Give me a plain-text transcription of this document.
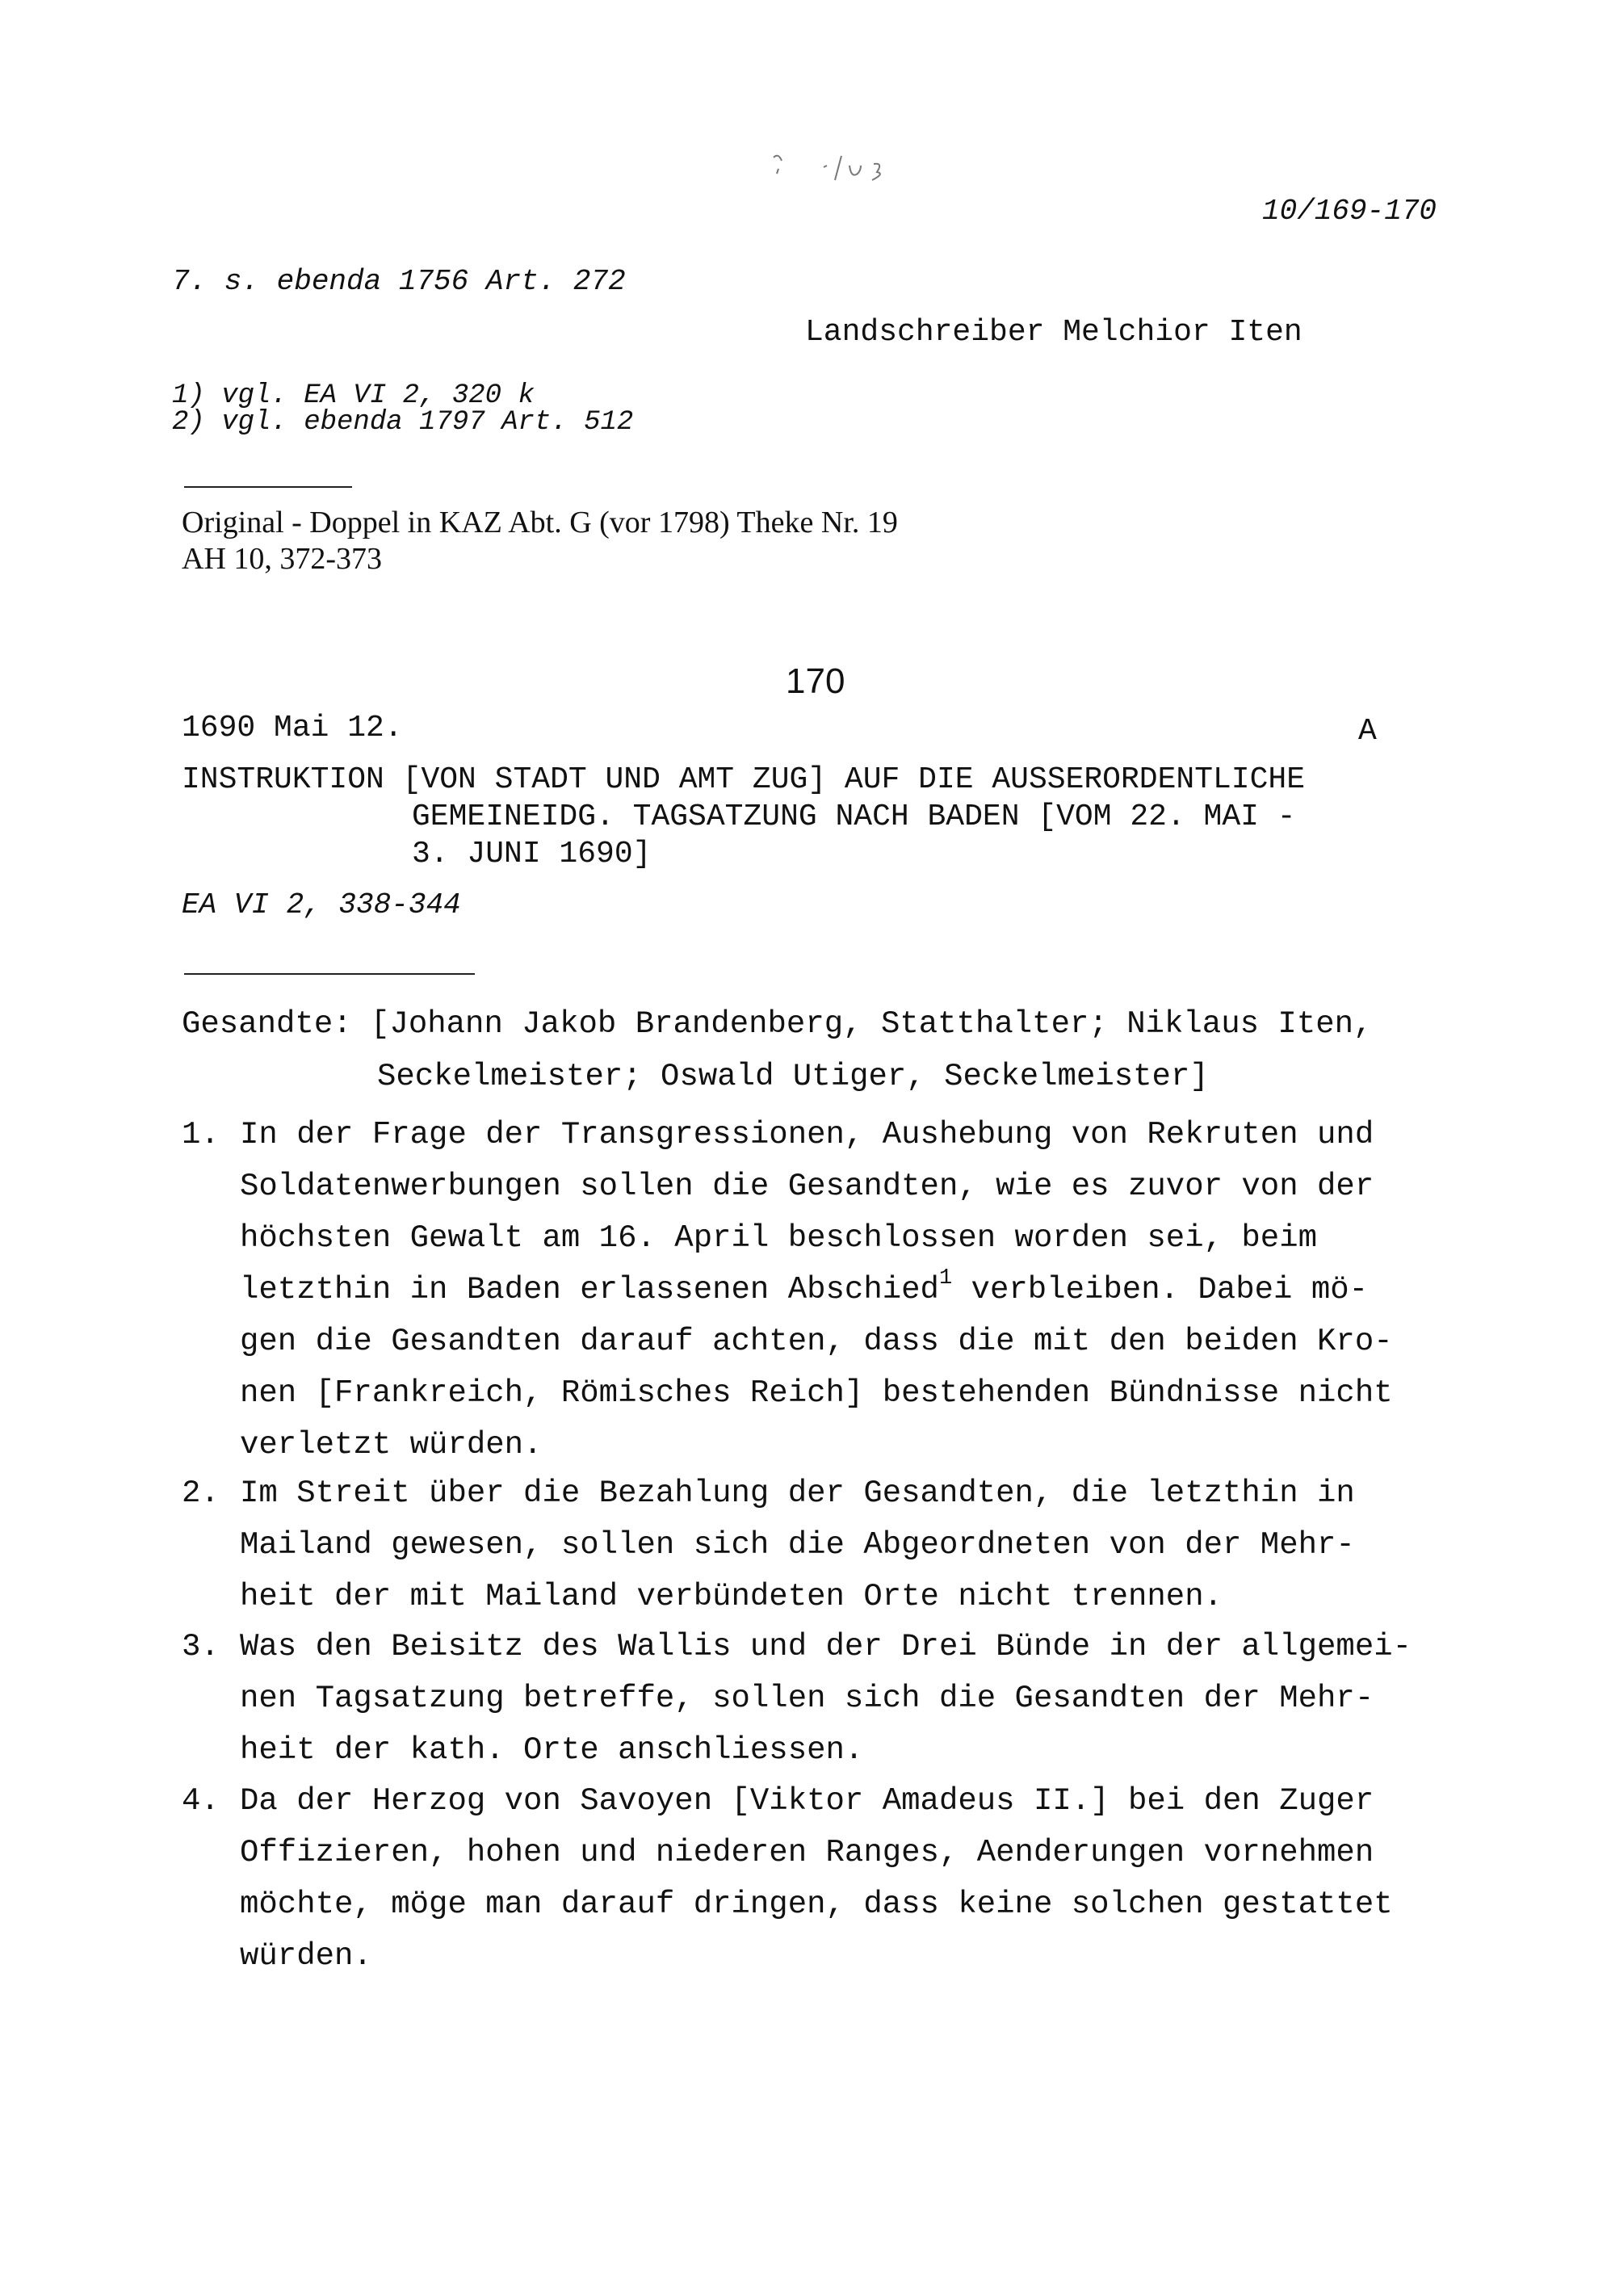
10/169-170
7. s. ebenda 1756 Art. 272
Landschreiber Melchior Iten
1) vgl. EA VI 2, 320 k
2) vgl. ebenda 1797 Art. 512
Original - Doppel in KAZ Abt. G (vor 1798) Theke Nr. 19
AH 10, 372-373
170
1690 Mai 12.	A
INSTRUKTION [VON STADT UND AMT ZUG] AUF DIE AUSSERORDENTLICHE
GEMEINEIDG. TAGSATZUNG NACH BADEN [VOM 22. MAI -
3. JUNI 1690]
EA VI 2, 338-344
Gesandte: [Johann Jakob Brandenberg, Statthalter; Niklaus Iten,
Seckelmeister; Oswald Utiger, Seckelmeister]
1. In der Frage der Transgressionen, Aushebung von Rekruten und
Soldatenwerbungen sollen die Gesandten, wie es zuvor von der
höchsten Gewalt am 16. April beschlossen worden sei, beim
letzthin in Baden erlassenen Abschied$^1$ verbleiben. Dabei mö-
gen die Gesandten darauf achten, dass die mit den beiden Kro-
nen [Frankreich, Römisches Reich] bestehenden Bündnisse nicht
verletzt würden.
2. Im Streit über die Bezahlung der Gesandten, die letzthin in
Mailand gewesen, sollen sich die Abgeordneten von der Mehr-
heit der mit Mailand verbündeten Orte nicht trennen.
3. Was den Beisitz des Wallis und der Drei Bünde in der allgemei-
nen Tagsatzung betreffe, sollen sich die Gesandten der Mehr-
heit der kath. Orte anschliessen.
4. Da der Herzog von Savoyen [Viktor Amadeus II.] bei den Zuger
Offizieren, hohen und niederen Ranges, Aenderungen vornehmen
möchte, möge man darauf dringen, dass keine solchen gestattet
würden.
